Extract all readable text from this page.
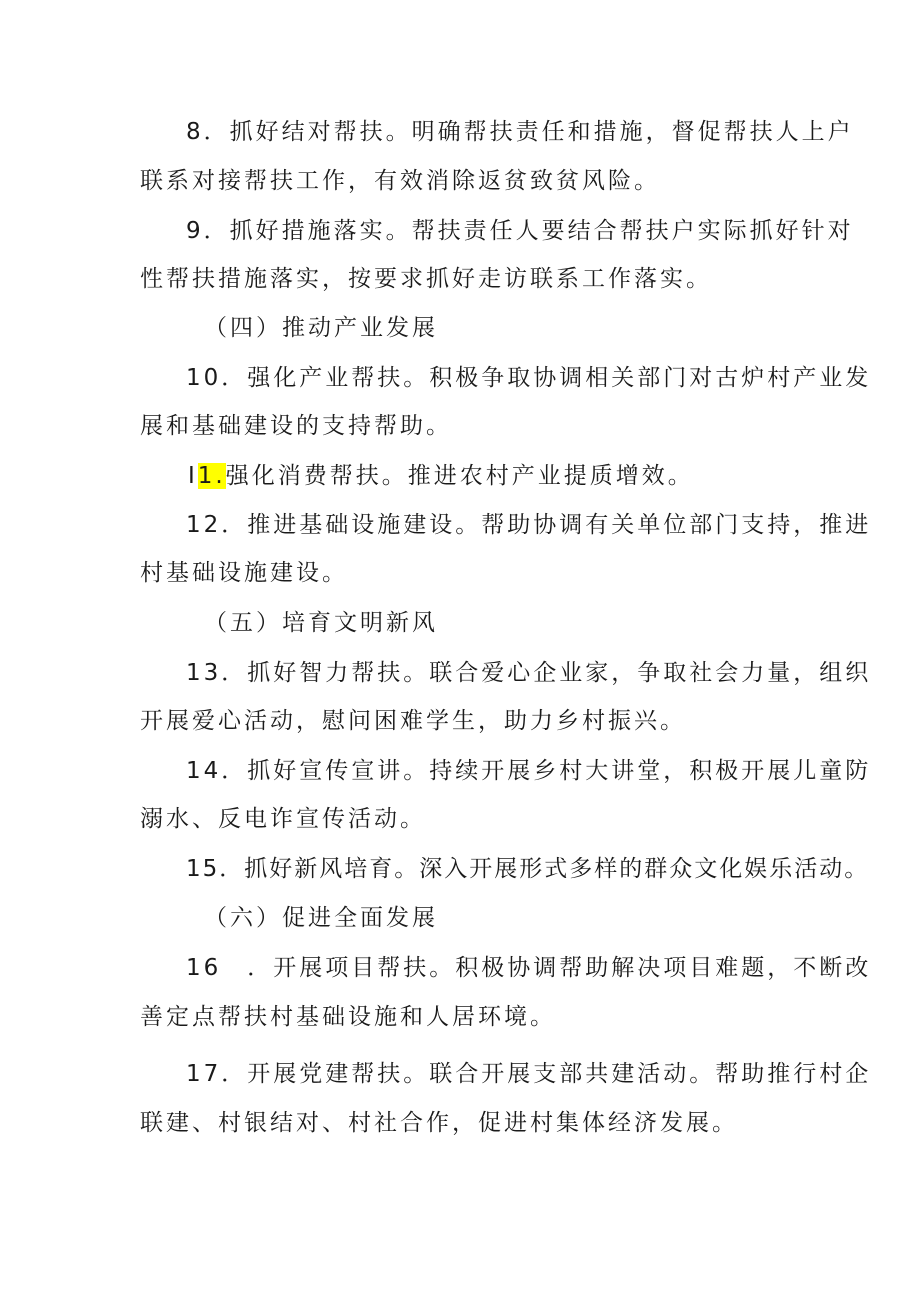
8．抓好结对帮扶。明确帮扶责任和措施，督促帮扶人上户
联系对接帮扶工作，有效消除返贫致贫风险。
9．抓好措施落实。帮扶责任人要结合帮扶户实际抓好针对
性帮扶措施落实，按要求抓好走访联系工作落实。
（四）推动产业发展
10．强化产业帮扶。积极争取协调相关部门对古炉村产业发
展和基础建设的支持帮助。
I1.强化消费帮扶。推进农村产业提质增效。
12．推进基础设施建设。帮助协调有关单位部门支持，推进
村基础设施建设。
（五）培育文明新风
13．抓好智力帮扶。联合爱心企业家，争取社会力量，组织
开展爱心活动，慰问困难学生，助力乡村振兴。
14．抓好宣传宣讲。持续开展乡村大讲堂，积极开展儿童防
溺水、反电诈宣传活动。
15．抓好新风培育。深入开展形式多样的群众文化娱乐活动。
（六）促进全面发展
16　．开展项目帮扶。积极协调帮助解决项目难题，不断改
善定点帮扶村基础设施和人居环境。
17．开展党建帮扶。联合开展支部共建活动。帮助推行村企
联建、村银结对、村社合作，促进村集体经济发展。
